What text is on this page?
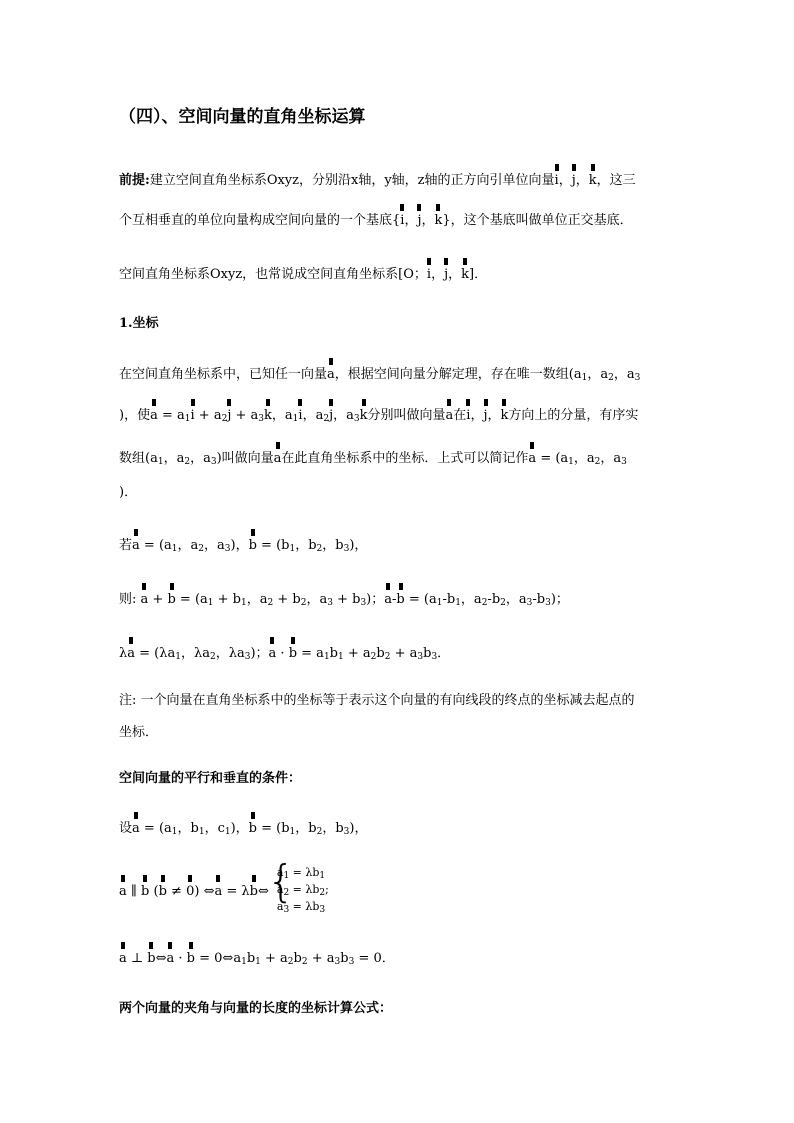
（四）、空间向量的直角坐标运算
前提:建立空间直角坐标系Oxyz，分别沿x轴，y轴，z轴的正方向引单位向量i，j，k，这三
个互相垂直的单位向量构成空间向量的一个基底{i，j，k}，这个基底叫做单位正交基底．
空间直角坐标系Oxyz，也常说成空间直角坐标系[O；i，j，k]．
1.坐标
在空间直角坐标系中，已知任一向量a，根据空间向量分解定理，存在唯一数组($a_1$，$a_2$，$a_3$
)，使$a = a_1i + a_2j + a_3k$，$a_1i$，$a_2j$，$a_3k$分别叫做向量a在i，j，k方向上的分量，有序实
数组($a_1$，$a_2$，$a_3$)叫做向量a在此直角坐标系中的坐标．上式可以简记作$a = (a_1$，$a_2$，$a_3$
)．
若$a = (a_1$，$a_2$，$a_3$)，$b = (b_1$，$b_2$，$b_3$)，
则: $a + b = (a_1 + b_1$，$a_2 + b_2$，$a_3 + b_3$)；$a-b = (a_1-b_1$，$a_2-b_2$，$a_3-b_3$)；
$\lambda a = (\lambda a_1$，$\lambda a_2$，$\lambda a_3$)；$a \cdot b = a_1b_1 + a_2b_2 + a_3b_3$．
注: 一个向量在直角坐标系中的坐标等于表示这个向量的有向线段的终点的坐标减去起点的
坐标．
空间向量的平行和垂直的条件：
设$a = (a_1$，$b_1$，$c_1$)，$b = (b_1$，$b_2$，$b_3$)，
a ∥ b (b ≠ 0) ⇔a = λb⇔{ $a_1 = \lambda b_1$
$a_2 = \lambda b_2$;
$a_3 = \lambda b_3$
a ⊥ b⇔a · $b = 0\Leftrightarrow a_1b_1 + a_2b_2 + a_3b_3 = 0$．
两个向量的夹角与向量的长度的坐标计算公式：
